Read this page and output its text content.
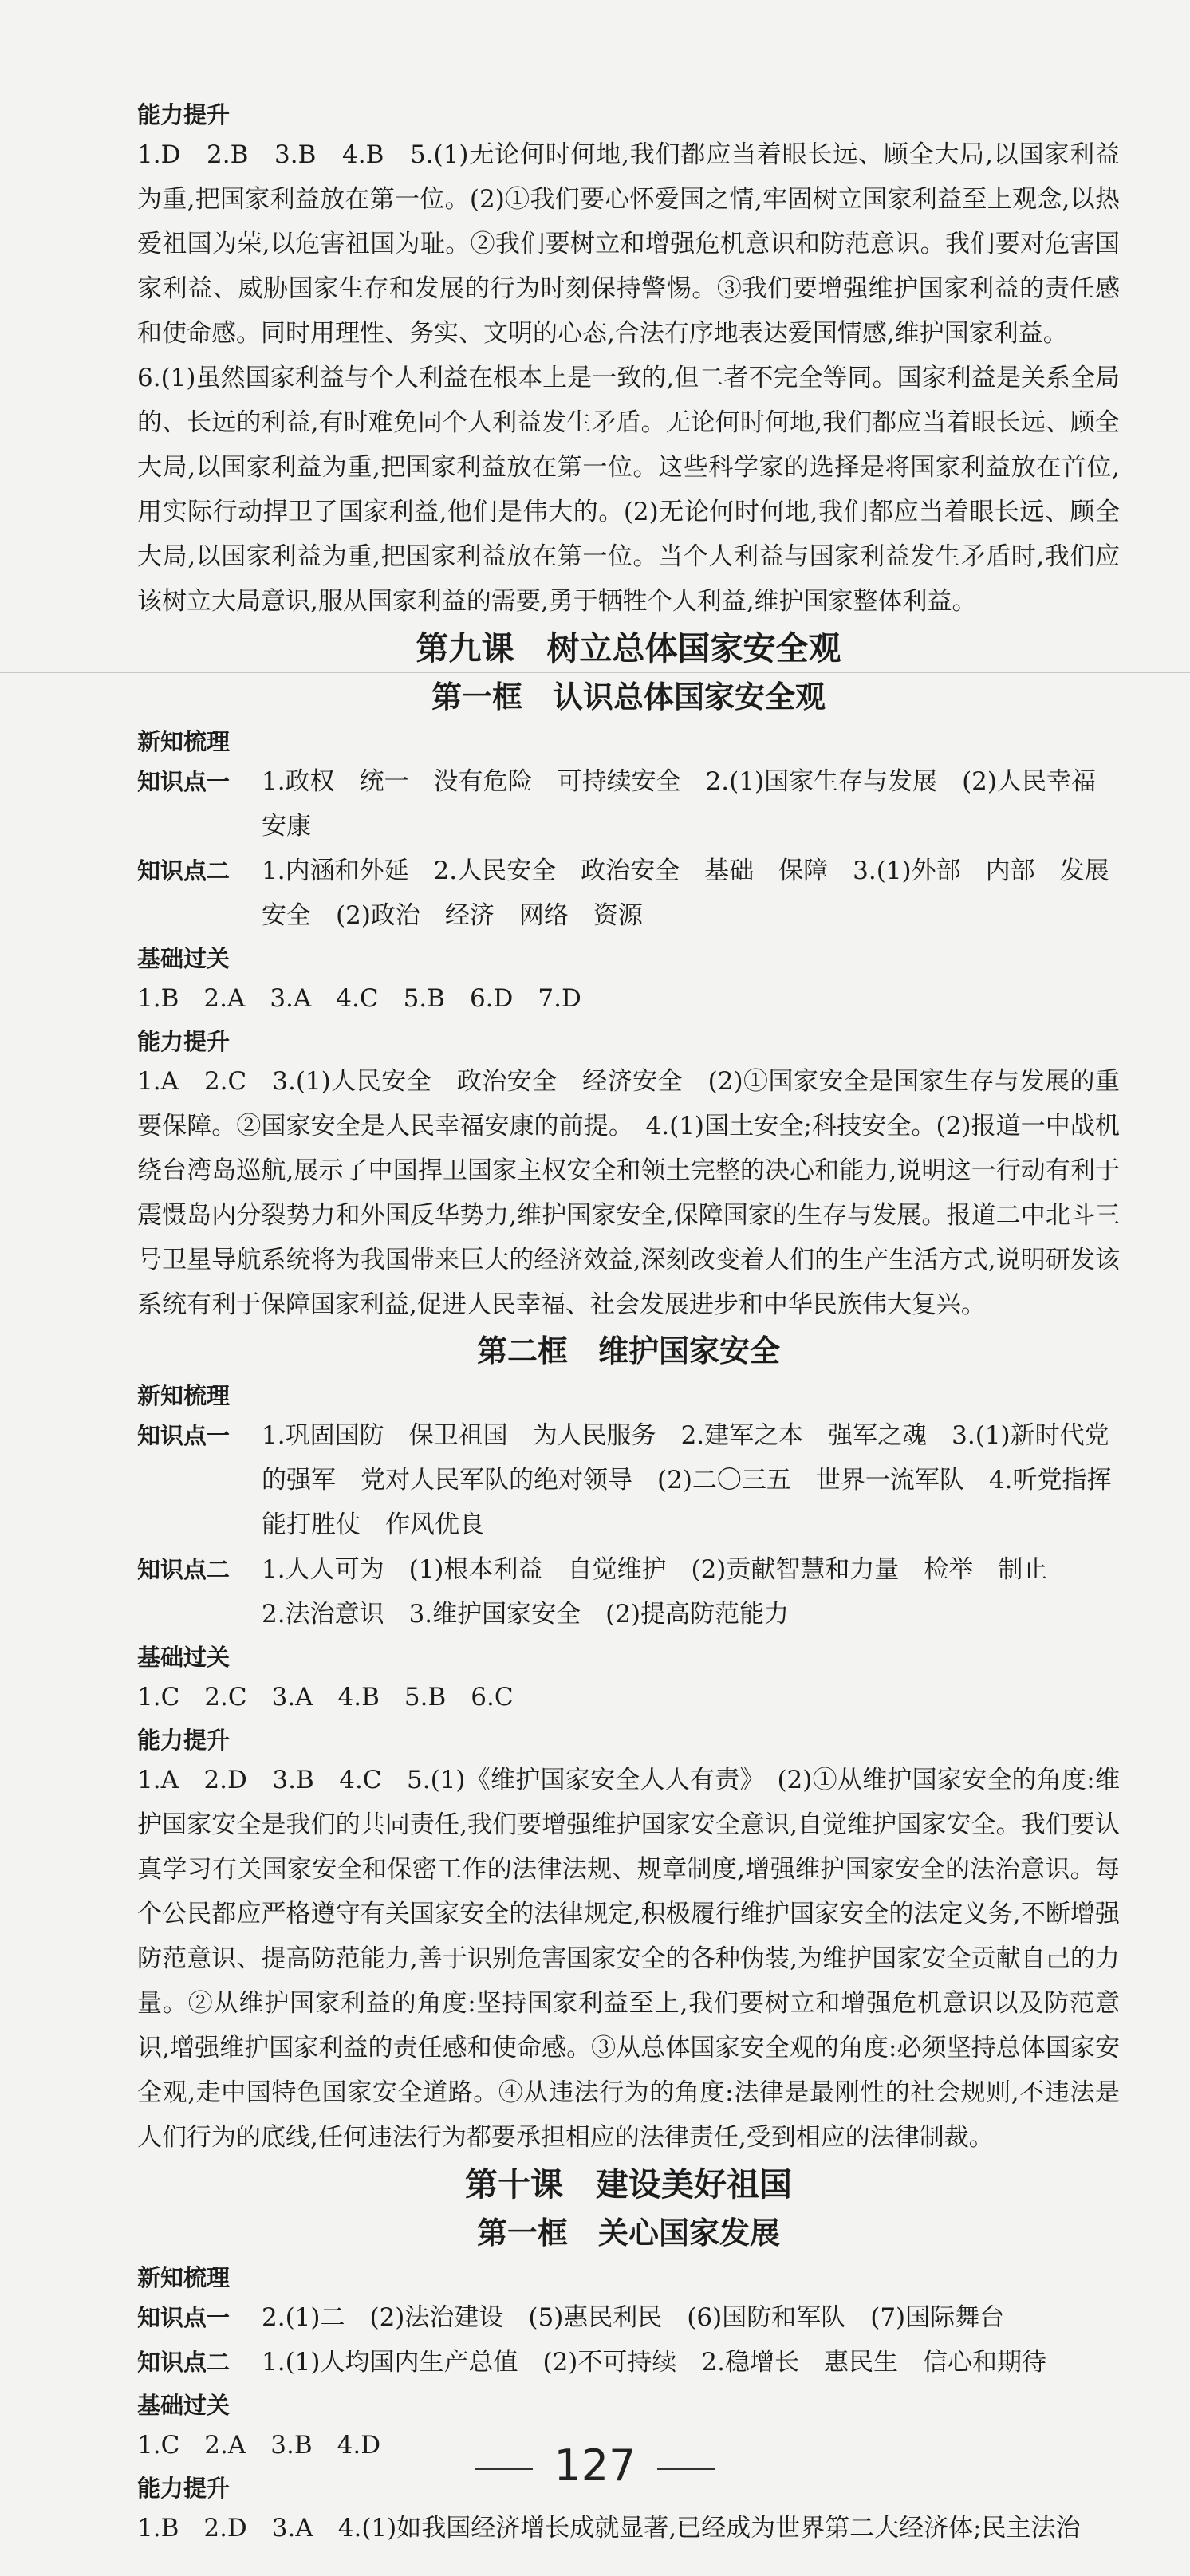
能力提升

1.D　2.B　3.B　4.B　5.(1)无论何时何地,我们都应当着眼长远、顾全大局,以国家利益为重,把国家利益放在第一位。(2)①我们要心怀爱国之情,牢固树立国家利益至上观念,以热爱祖国为荣,以危害祖国为耻。②我们要树立和增强危机意识和防范意识。我们要对危害国家利益、威胁国家生存和发展的行为时刻保持警惕。③我们要增强维护国家利益的责任感和使命感。同时用理性、务实、文明的心态,合法有序地表达爱国情感,维护国家利益。

6.(1)虽然国家利益与个人利益在根本上是一致的,但二者不完全等同。国家利益是关系全局的、长远的利益,有时难免同个人利益发生矛盾。无论何时何地,我们都应当着眼长远、顾全大局,以国家利益为重,把国家利益放在第一位。这些科学家的选择是将国家利益放在首位,用实际行动捍卫了国家利益,他们是伟大的。(2)无论何时何地,我们都应当着眼长远、顾全大局,以国家利益为重,把国家利益放在第一位。当个人利益与国家利益发生矛盾时,我们应该树立大局意识,服从国家利益的需要,勇于牺牲个人利益,维护国家整体利益。

第九课　树立总体国家安全观
第一框　认识总体国家安全观
新知梳理
知识点一	1.政权　统一　没有危险　可持续安全　2.(1)国家生存与发展　(2)人民幸福安康
知识点二	1.内涵和外延　2.人民安全　政治安全　基础　保障　3.(1)外部　内部　发展　安全　(2)政治　经济　网络　资源
基础过关

1.B　2.A　3.A　4.C　5.B　6.D　7.D

能力提升

1.A　2.C　3.(1)人民安全　政治安全　经济安全　(2)①国家安全是国家生存与发展的重要保障。②国家安全是人民幸福安康的前提。　4.(1)国土安全;科技安全。(2)报道一中战机绕台湾岛巡航,展示了中国捍卫国家主权安全和领土完整的决心和能力,说明这一行动有利于震慑岛内分裂势力和外国反华势力,维护国家安全,保障国家的生存与发展。报道二中北斗三号卫星导航系统将为我国带来巨大的经济效益,深刻改变着人们的生产生活方式,说明研发该系统有利于保障国家利益,促进人民幸福、社会发展进步和中华民族伟大复兴。

第二框　维护国家安全
新知梳理
知识点一	1.巩固国防　保卫祖国　为人民服务　2.建军之本　强军之魂　3.(1)新时代党的强军　党对人民军队的绝对领导　(2)二〇三五　世界一流军队　4.听党指挥　能打胜仗　作风优良
知识点二	1.人人可为　(1)根本利益　自觉维护　(2)贡献智慧和力量　检举　制止
2.法治意识　3.维护国家安全　(2)提高防范能力
基础过关

1.C　2.C　3.A　4.B　5.B　6.C

能力提升

1.A　2.D　3.B　4.C　5.(1)《维护国家安全人人有责》　(2)①从维护国家安全的角度:维护国家安全是我们的共同责任,我们要增强维护国家安全意识,自觉维护国家安全。我们要认真学习有关国家安全和保密工作的法律法规、规章制度,增强维护国家安全的法治意识。每个公民都应严格遵守有关国家安全的法律规定,积极履行维护国家安全的法定义务,不断增强防范意识、提高防范能力,善于识别危害国家安全的各种伪装,为维护国家安全贡献自己的力量。②从维护国家利益的角度:坚持国家利益至上,我们要树立和增强危机意识以及防范意识,增强维护国家利益的责任感和使命感。③从总体国家安全观的角度:必须坚持总体国家安全观,走中国特色国家安全道路。④从违法行为的角度:法律是最刚性的社会规则,不违法是人们行为的底线,任何违法行为都要承担相应的法律责任,受到相应的法律制裁。

第十课　建设美好祖国
第一框　关心国家发展
新知梳理
知识点一	2.(1)二　(2)法治建设　(5)惠民利民　(6)国防和军队　(7)国际舞台
知识点二	1.(1)人均国内生产总值　(2)不可持续　2.稳增长　惠民生　信心和期待
基础过关

1.C　2.A　3.B　4.D

能力提升

1.B　2.D　3.A　4.(1)如我国经济增长成就显著,已经成为世界第二大经济体;民主法治

127
